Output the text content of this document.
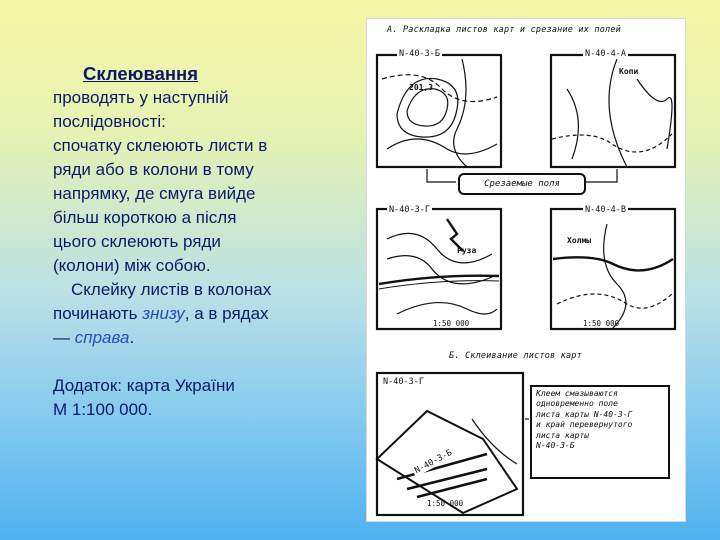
Склеювання
проводять у наступній
послідовності:
спочатку склеюють листи в
ряди або в колони в тому
напрямку, де смуга вийде
більш короткою а після
цього склеюють ряди
(колони) між собою.
Склейку листів в колонах
починають знизу, а в рядах
— справа.
Додаток: карта України
М 1:100 000.
А. Раскладка листов карт и срезание их полей
N-40-3-Б	N-40-4-А
Копи
201,3
Срезаемые поля
N-40-3-Г	N-40-4-В
Руза
Холмы
1:50 000	1:50 000
Б. Склеивание листов карт
N-40-3-Г
N-40-3-Б
1:50 000
Клеем смазываются
одновременно поле
листа карты N-40-3-Г
и край перевернутого
листа карты
N-40-3-Б
